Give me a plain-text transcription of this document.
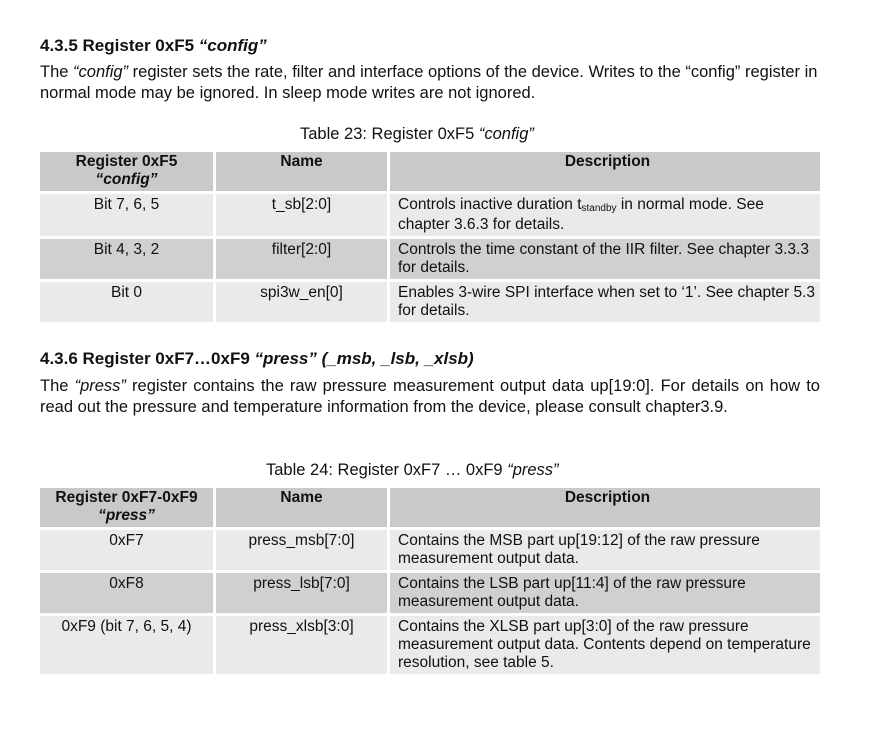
4.3.5 Register 0xF5 “config”

The “config” register sets the rate, filter and interface options of the device. Writes to the “config” register in normal mode may be ignored. In sleep mode writes are not ignored.

Table 23: Register 0xF5 “config”

Register 0xF5
“config”	Name	Description
Bit 7, 6, 5	t_sb[2:0]	Controls inactive duration tstandby in normal mode. See chapter 3.6.3 for details.
Bit 4, 3, 2	filter[2:0]	Controls the time constant of the IIR filter. See chapter 3.3.3 for details.
Bit 0	spi3w_en[0]	Enables 3-wire SPI interface when set to ‘1’. See chapter 5.3 for details.
4.3.6 Register 0xF7…0xF9 “press” (_msb, _lsb, _xlsb)

The “press” register contains the raw pressure measurement output data up[19:0]. For details on how to read out the pressure and temperature information from the device, please consult chapter3.9.

Table 24: Register 0xF7 … 0xF9 “press”

Register 0xF7-0xF9
“press”	Name	Description
0xF7	press_msb[7:0]	Contains the MSB part up[19:12] of the raw pressure measurement output data.
0xF8	press_lsb[7:0]	Contains the LSB part up[11:4] of the raw pressure measurement output data.
0xF9 (bit 7, 6, 5, 4)	press_xlsb[3:0]	Contains the XLSB part up[3:0] of the raw pressure measurement output data. Contents depend on temperature resolution, see table 5.
